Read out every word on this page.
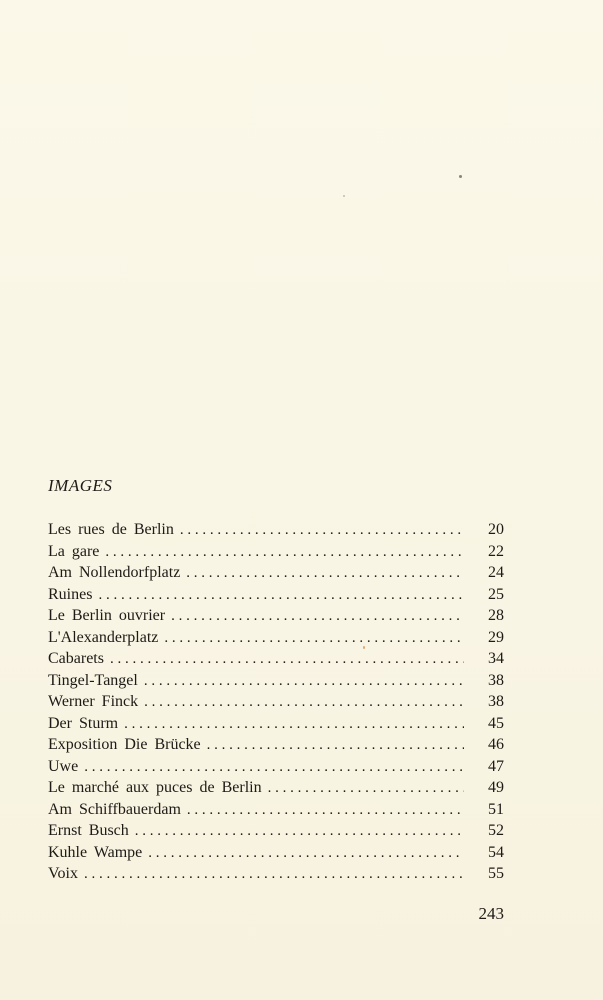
IMAGES
Les rues de Berlin . . .	20
La gare . . .	22
Am Nollendorfplatz . . .	24
Ruines . . .	25
Le Berlin ouvrier . . .	28
L'Alexanderplatz . . .	29
Cabarets . . .	34
Tingel-Tangel . . .	38
Werner Finck . . .	38
Der Sturm . . .	45
Exposition Die Brücke . . .	46
Uwe . . .	47
Le marché aux puces de Berlin . . .	49
Am Schiffbauerdam . . .	51
Ernst Busch . . .	52
Kuhle Wampe . . .	54
Voix . . .	55
243
